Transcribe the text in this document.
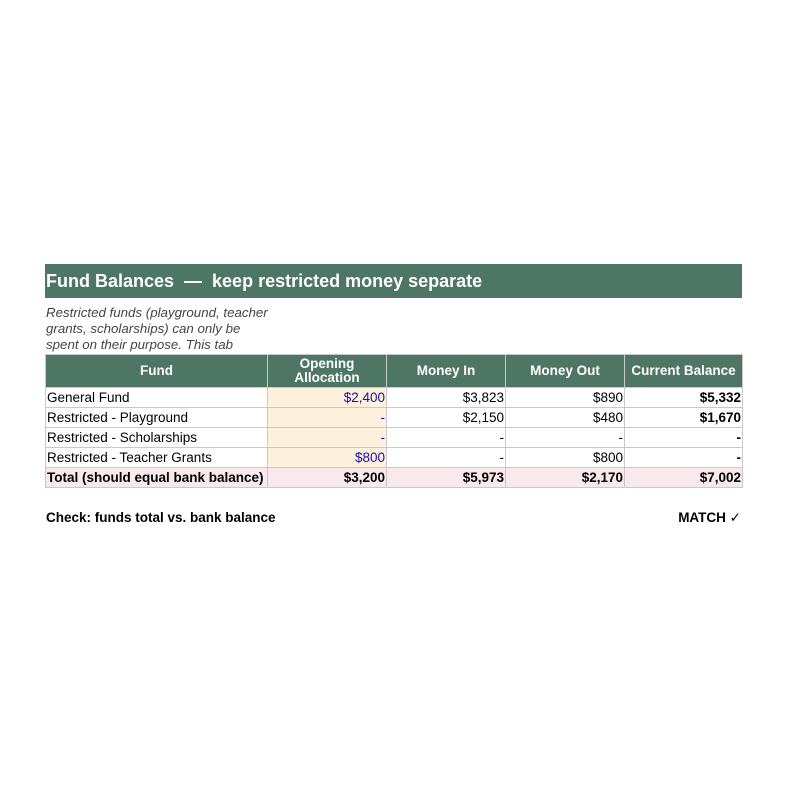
Fund Balances  —  keep restricted money separate
Restricted funds (playground, teacher grants, scholarships) can only be spent on their purpose. This tab
Fund	Opening Allocation	Money In	Money Out	Current Balance
General Fund	$2,400	$3,823	$890	$5,332
Restricted - Playground	-	$2,150	$480	$1,670
Restricted - Scholarships	-	-	-	-
Restricted - Teacher Grants	$800	-	$800	-
Total (should equal bank balance)	$3,200	$5,973	$2,170	$7,002
Check: funds total vs. bank balance	MATCH ✓
